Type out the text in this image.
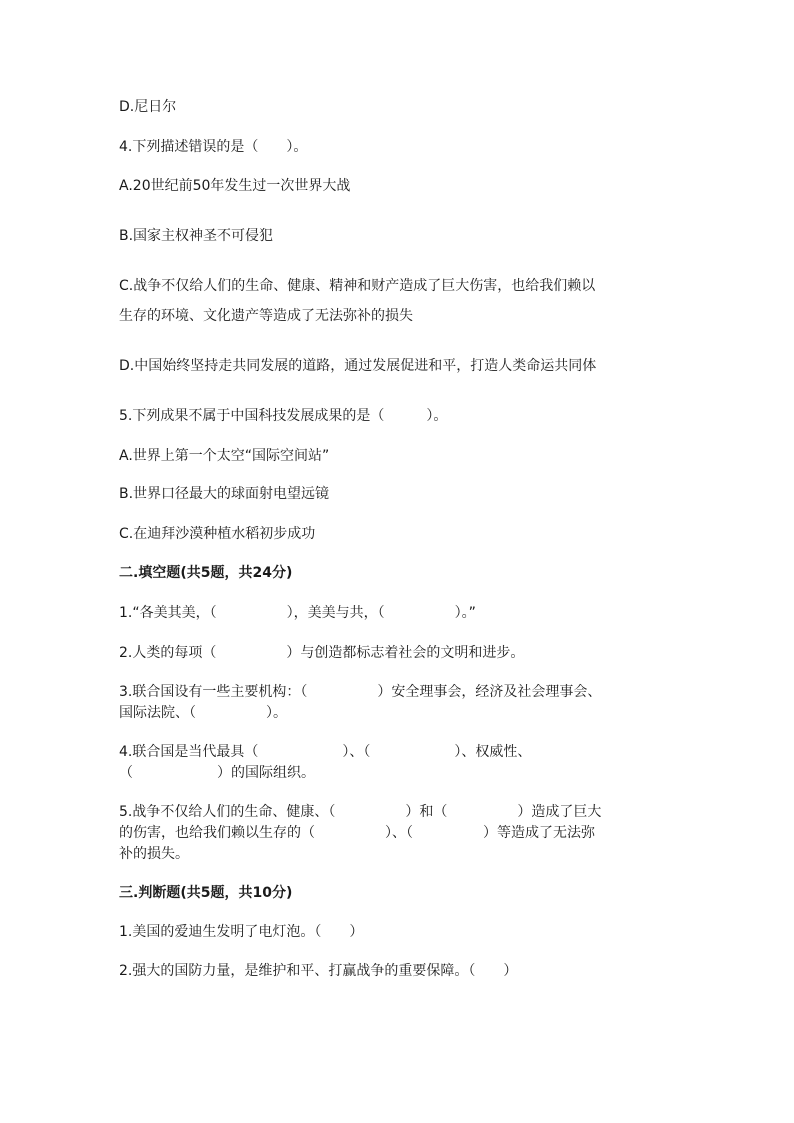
D.尼日尔
4.下列描述错误的是（　　）。
A.20世纪前50年发生过一次世界大战
B.国家主权神圣不可侵犯
C.战争不仅给人们的生命、健康、精神和财产造成了巨大伤害，也给我们赖以
生存的环境、文化遗产等造成了无法弥补的损失
D.中国始终坚持走共同发展的道路，通过发展促进和平，打造人类命运共同体
5.下列成果不属于中国科技发展成果的是（　　　）。
A.世界上第一个太空“国际空间站”
B.世界口径最大的球面射电望远镜
C.在迪拜沙漠种植水稻初步成功
二.填空题(共5题，共24分)
1.“各美其美，（　　　　　），美美与共，（　　　　　）。”
2.人类的每项（　　　　　）与创造都标志着社会的文明和进步。
3.联合国设有一些主要机构：（　　　　　）安全理事会，经济及社会理事会、
国际法院、（　　　　　）。
4.联合国是当代最具（　　　　　　）、（　　　　　　）、权威性、
（　　　　　　）的国际组织。
5.战争不仅给人们的生命、健康、（　　　　　）和（　　　　　）造成了巨大
的伤害，也给我们赖以生存的（　　　　　）、（　　　　　）等造成了无法弥
补的损失。
三.判断题(共5题，共10分)
1.美国的爱迪生发明了电灯泡。（　　）
2.强大的国防力量，是维护和平、打赢战争的重要保障。（　　）
